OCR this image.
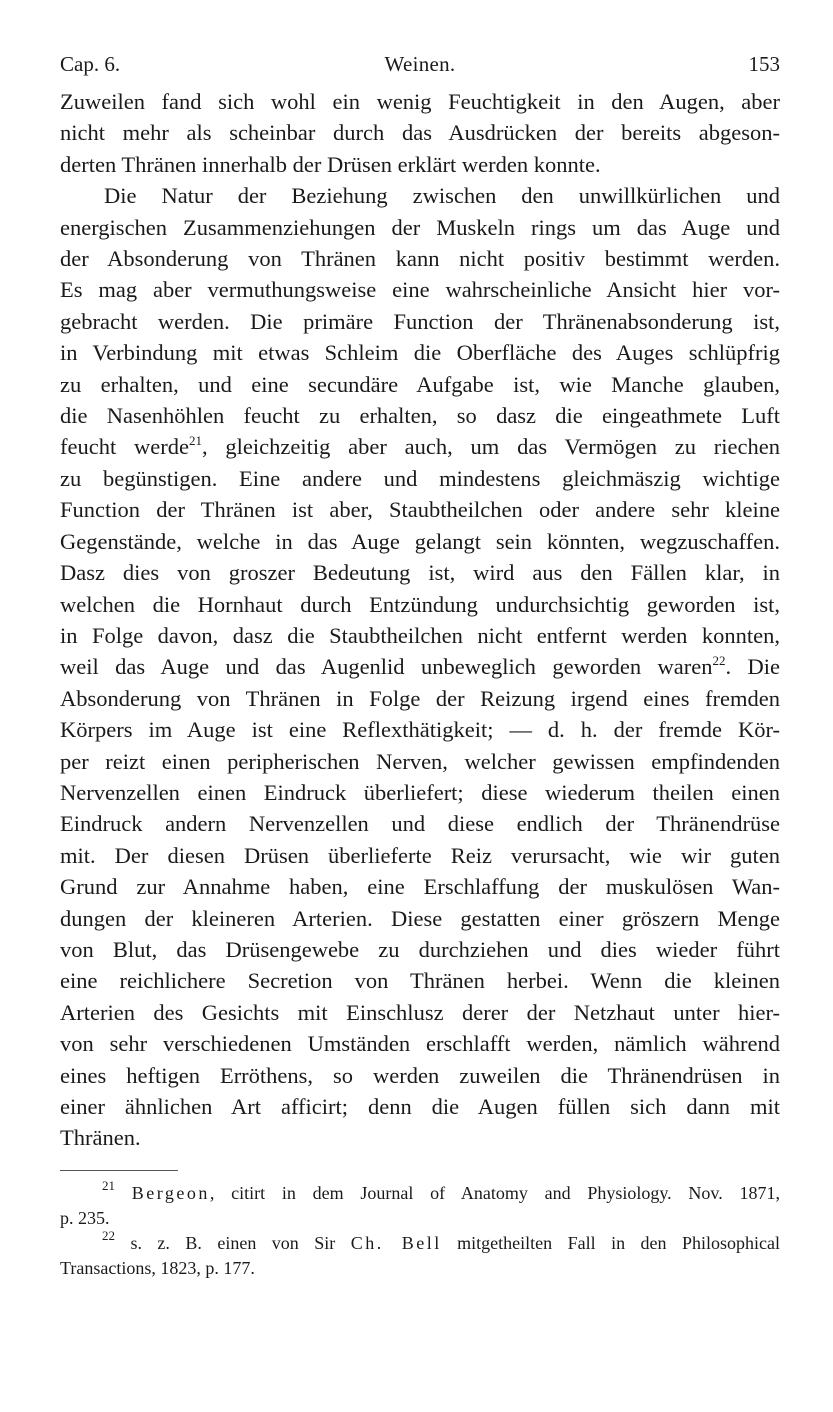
Cap. 6.	Weinen.	153
Zuweilen fand sich wohl ein wenig Feuchtigkeit in den Augen, aber
nicht mehr als scheinbar durch das Ausdrücken der bereits abgeson-
derten Thränen innerhalb der Drüsen erklärt werden konnte.
Die Natur der Beziehung zwischen den unwillkürlichen und
energischen Zusammenziehungen der Muskeln rings um das Auge und
der Absonderung von Thränen kann nicht positiv bestimmt werden.
Es mag aber vermuthungsweise eine wahrscheinliche Ansicht hier vor-
gebracht werden. Die primäre Function der Thränenabsonderung ist,
in Verbindung mit etwas Schleim die Oberfläche des Auges schlüpfrig
zu erhalten, und eine secundäre Aufgabe ist, wie Manche glauben,
die Nasenhöhlen feucht zu erhalten, so dasz die eingeathmete Luft
feucht werde$^{21}$, gleichzeitig aber auch, um das Vermögen zu riechen
zu begünstigen. Eine andere und mindestens gleichmäszig wichtige
Function der Thränen ist aber, Staubtheilchen oder andere sehr kleine
Gegenstände, welche in das Auge gelangt sein könnten, wegzuschaffen.
Dasz dies von groszer Bedeutung ist, wird aus den Fällen klar, in
welchen die Hornhaut durch Entzündung undurchsichtig geworden ist,
in Folge davon, dasz die Staubtheilchen nicht entfernt werden konnten,
weil das Auge und das Augenlid unbeweglich geworden waren$^{22}$. Die
Absonderung von Thränen in Folge der Reizung irgend eines fremden
Körpers im Auge ist eine Reflexthätigkeit; — d. h. der fremde Kör-
per reizt einen peripherischen Nerven, welcher gewissen empfindenden
Nervenzellen einen Eindruck überliefert; diese wiederum theilen einen
Eindruck andern Nervenzellen und diese endlich der Thränendrüse
mit. Der diesen Drüsen überlieferte Reiz verursacht, wie wir guten
Grund zur Annahme haben, eine Erschlaffung der muskulösen Wan-
dungen der kleineren Arterien. Diese gestatten einer gröszern Menge
von Blut, das Drüsengewebe zu durchziehen und dies wieder führt
eine reichlichere Secretion von Thränen herbei. Wenn die kleinen
Arterien des Gesichts mit Einschlusz derer der Netzhaut unter hier-
von sehr verschiedenen Umständen erschlafft werden, nämlich während
eines heftigen Erröthens, so werden zuweilen die Thränendrüsen in
einer ähnlichen Art afficirt; denn die Augen füllen sich dann mit
Thränen.
$^{21}$ Bergeon, citirt in dem Journal of Anatomy and Physiology. Nov. 1871,
p. 235.
$^{22}$ s. z. B. einen von Sir Ch. Bell mitgetheilten Fall in den Philosophical
Transactions, 1823, p. 177.
